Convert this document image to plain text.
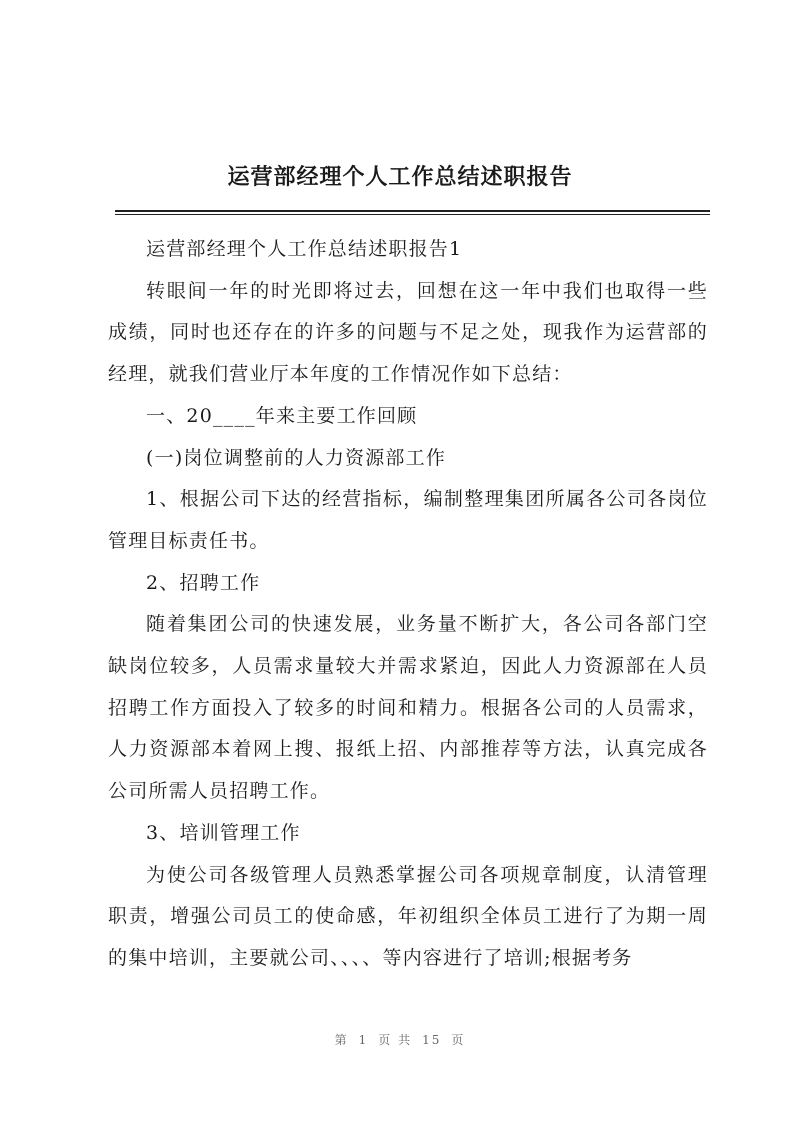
运营部经理个人工作总结述职报告

运营部经理个人工作总结述职报告1

转眼间一年的时光即将过去，回想在这一年中我们也取得一些成绩，同时也还存在的许多的问题与不足之处，现我作为运营部的经理，就我们营业厅本年度的工作情况作如下总结：

一、20____年来主要工作回顾

(一)岗位调整前的人力资源部工作

1、根据公司下达的经营指标，编制整理集团所属各公司各岗位管理目标责任书。

2、招聘工作

随着集团公司的快速发展，业务量不断扩大，各公司各部门空缺岗位较多，人员需求量较大并需求紧迫，因此人力资源部在人员招聘工作方面投入了较多的时间和精力。根据各公司的人员需求，人力资源部本着网上搜、报纸上招、内部推荐等方法，认真完成各公司所需人员招聘工作。

3、培训管理工作

为使公司各级管理人员熟悉掌握公司各项规章制度，认清管理职责，增强公司员工的使命感，年初组织全体员工进行了为期一周的集中培训，主要就公司、、、、等内容进行了培训;根据考务

第 1 页 共 15 页
